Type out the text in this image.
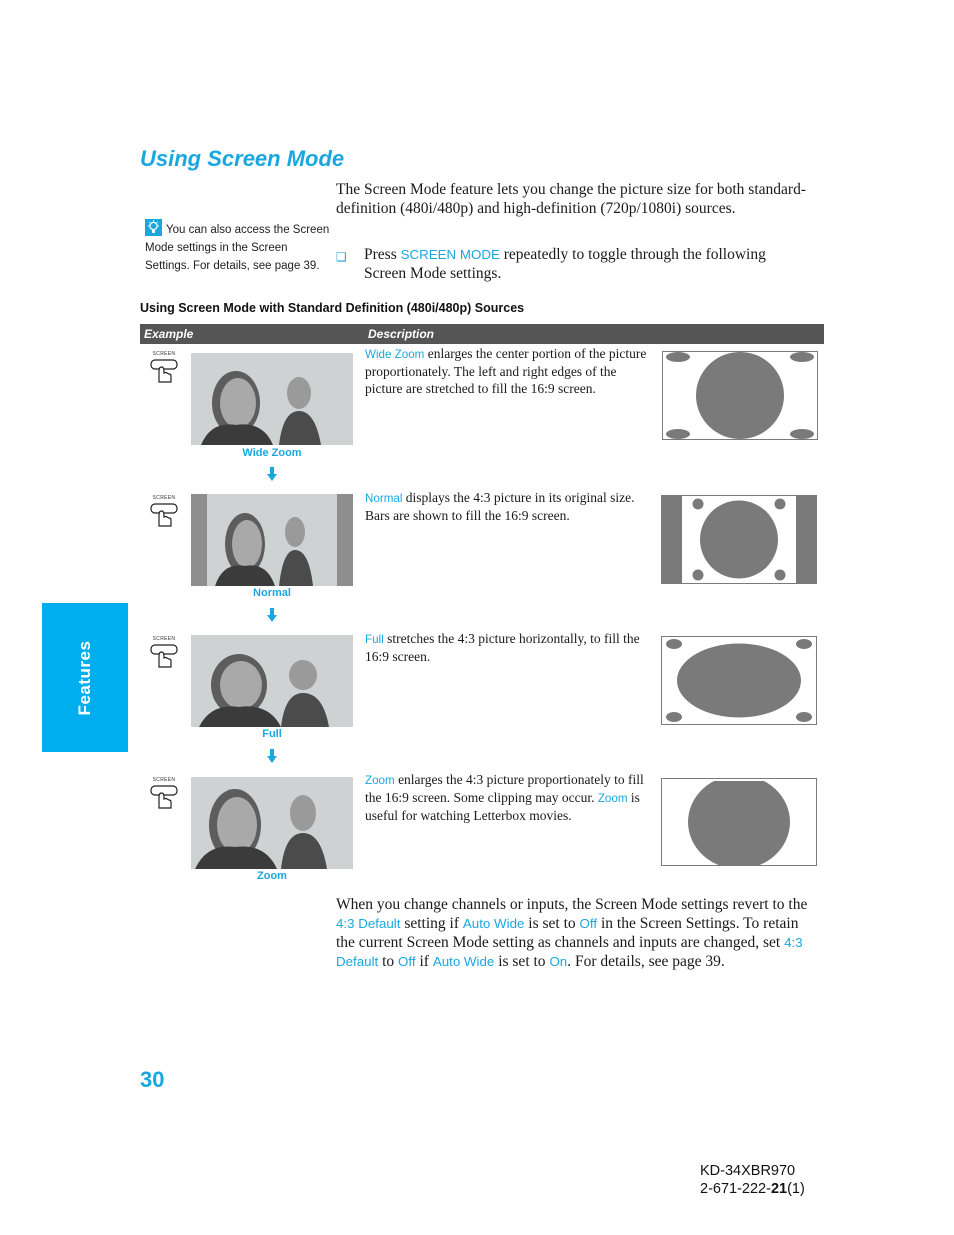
Using Screen Mode

The Screen Mode feature lets you change the picture size for both standard-definition (480i/480p) and high-definition (720p/1080i) sources.

You can also access the Screen Mode settings in the Screen Settings. For details, see page 39.
❑ Press SCREEN MODE repeatedly to toggle through the following Screen Mode settings.
Using Screen Mode with Standard Definition (480i/480p) Sources
Example	Description
SCREEN
Wide Zoom
Wide Zoom enlarges the center portion of the picture proportionately. The left and right edges of the picture are stretched to fill the 16:9 screen.
SCREEN
Normal
Normal displays the 4:3 picture in its original size. Bars are shown to fill the 16:9 screen.
SCREEN
Full
Full stretches the 4:3 picture horizontally, to fill the 16:9 screen.
SCREEN
Zoom
Zoom enlarges the 4:3 picture proportionately to fill the 16:9 screen. Some clipping may occur. Zoom is useful for watching Letterbox movies.
Features

When you change channels or inputs, the Screen Mode settings revert to the 4:3 Default setting if Auto Wide is set to Off in the Screen Settings. To retain the current Screen Mode setting as channels and inputs are changed, set 4:3 Default to Off if Auto Wide is set to On. For details, see page 39.

30
KD-34XBR970
2-671-222-21(1)
